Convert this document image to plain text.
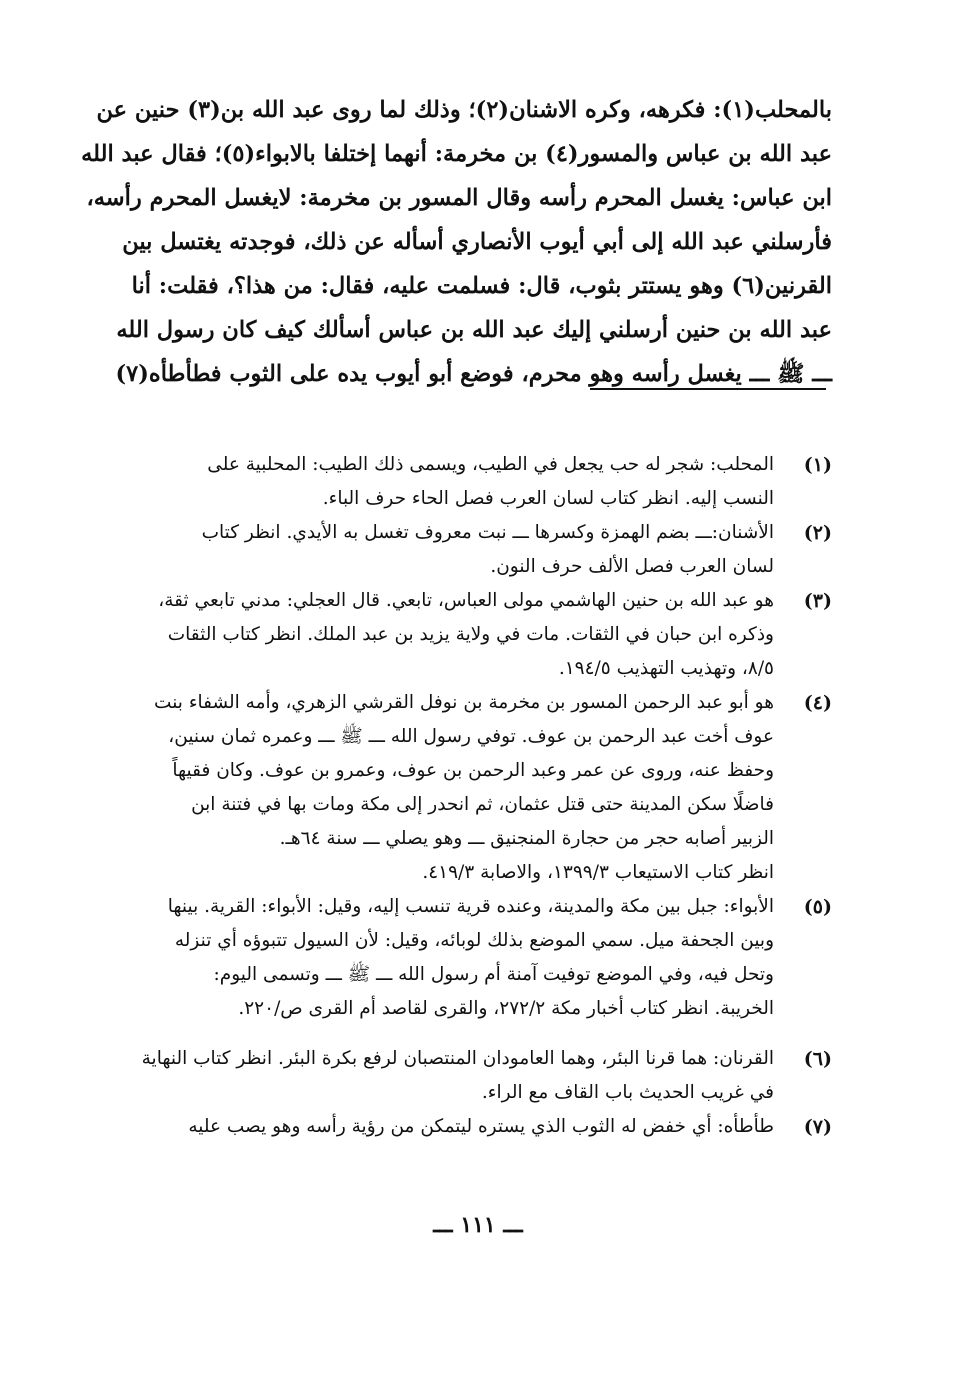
بالمحلب(١): فكرهه، وكره الاشنان(٢)؛ وذلك لما روى عبد الله بن(٣) حنين عن
عبد الله بن عباس والمسور(٤) بن مخرمة: أنهما إختلفا بالابواء(٥)؛ فقال عبد الله
ابن عباس: يغسل المحرم رأسه وقال المسور بن مخرمة: لايغسل المحرم رأسه،
فأرسلني عبد الله إلى أبي أيوب الأنصاري أسأله عن ذلك، فوجدته يغتسل بين
القرنين(٦) وهو يستتر بثوب، قال: فسلمت عليه، فقال: من هذا؟، فقلت: أنا
عبد الله بن حنين أرسلني إليك عبد الله بن عباس أسألك كيف كان رسول الله
ـــ ﷺ ـــ يغسل رأسه وهو محرم، فوضع أبو أيوب يده على الثوب فطأطأه(٧)
(١)
المحلب: شجر له حب يجعل في الطيب، ويسمى ذلك الطيب: المحلبية على
النسب إليه. انظر كتاب لسان العرب فصل الحاء حرف الباء.
(٢)
الأشنان:ـــ بضم الهمزة وكسرها ـــ نبت معروف تغسل به الأيدي. انظر كتاب
لسان العرب فصل الألف حرف النون.
(٣)
هو عبد الله بن حنين الهاشمي مولى العباس، تابعي. قال العجلي: مدني تابعي ثقة،
وذكره ابن حبان في الثقات. مات في ولاية يزيد بن عبد الملك. انظر كتاب الثقات
٨/٥، وتهذيب التهذيب ١٩٤/٥.
(٤)
هو أبو عبد الرحمن المسور بن مخرمة بن نوفل القرشي الزهري، وأمه الشفاء بنت
عوف أخت عبد الرحمن بن عوف. توفي رسول الله ـــ ﷺ ـــ وعمره ثمان سنين،
وحفظ عنه، وروى عن عمر وعبد الرحمن بن عوف، وعمرو بن عوف. وكان فقيهاً
فاضلًا سكن المدينة حتى قتل عثمان، ثم انحدر إلى مكة ومات بها في فتنة ابن
الزبير أصابه حجر من حجارة المنجنيق ـــ وهو يصلي ـــ سنة ٦٤هـ.
انظر كتاب الاستيعاب ١٣٩٩/٣، والاصابة ٤١٩/٣.
(٥)
الأبواء: جبل بين مكة والمدينة، وعنده قرية تنسب إليه، وقيل: الأبواء: القرية. بينها
وبين الجحفة ميل. سمي الموضع بذلك لوبائه، وقيل: لأن السيول تتبوؤه أي تنزله
وتحل فيه، وفي الموضع توفيت آمنة أم رسول الله ـــ ﷺ ـــ وتسمى اليوم:
الخريبة. انظر كتاب أخبار مكة ٢٧٢/٢، والقرى لقاصد أم القرى ص/٢٢٠.
(٦)
القرنان: هما قرنا البئر، وهما العامودان المنتصبان لرفع بكرة البئر. انظر كتاب النهاية
في غريب الحديث باب القاف مع الراء.
(٧)
طأطأه: أي خفض له الثوب الذي يستره ليتمكن من رؤية رأسه وهو يصب عليه
ـــ ١١١ ـــ
